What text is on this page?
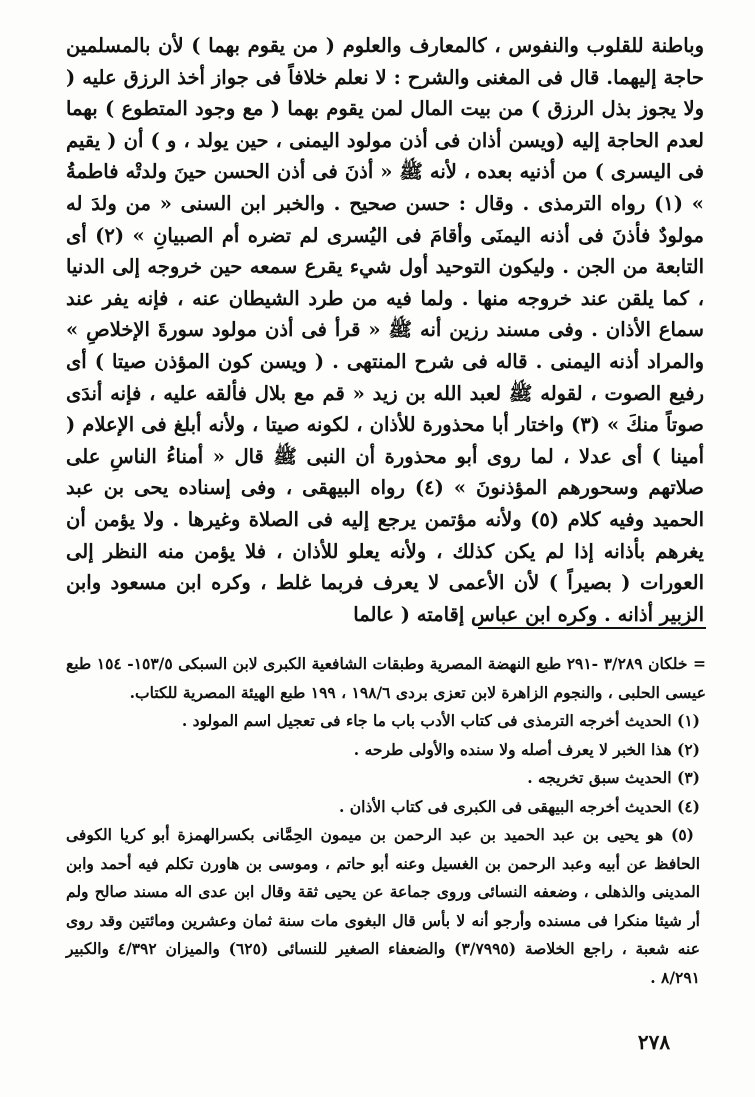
وباطنة للقلوب والنفوس ، كالمعارف والعلوم ( من يقوم بهما ) لأن بالمسلمين حاجة إليهما. قال فى المغنى والشرح : لا نعلم خلافاً فى جواز أخذ الرزق عليه ( ولا يجوز بذل الرزق ) من بيت المال لمن يقوم بهما ( مع وجود المتطوع ) بهما لعدم الحاجة إليه (ويسن أذان فى أذن مولود اليمنى ، حين يولد ، و ) أن ( يقيم فى اليسرى ) من أذنيه بعده ، لأنه ﷺ « أذنَ فى أذن الحسن حينَ ولدتْه فاطمةُ » (١) رواه الترمذى . وقال : حسن صحيح . والخبر ابن السنى « من ولدَ له مولودٌ فأذنَ فى أذنه اليمنَى وأقامَ فى اليُسرى لم تضره أم الصبيانِ » (٢) أى التابعة من الجن . وليكون التوحيد أول شيء يقرع سمعه حين خروجه إلى الدنيا ، كما يلقن عند خروجه منها . ولما فيه من طرد الشيطان عنه ، فإنه يفر عند سماع الأذان . وفى مسند رزين أنه ﷺ « قرأ فى أذن مولود سورةَ الإخلاصِ » والمراد أذنه اليمنى . قاله فى شرح المنتهى . ( ويسن كون المؤذن صيتا ) أى رفيع الصوت ، لقوله ﷺ لعبد الله بن زيد « قم مع بلال فألقه عليه ، فإنه أندَى صوتاً منكَ » (٣) واختار أبا محذورة للأذان ، لكونه صيتا ، ولأنه أبلغ فى الإعلام ( أمينا ) أى عدلا ، لما روى أبو محذورة أن النبى ﷺ قال « أمناءُ الناسِ على صلاتهم وسحورهم المؤذنونَ » (٤) رواه البيهقى ، وفى إسناده يحى بن عبد الحميد وفيه كلام (٥) ولأنه مؤتمن يرجع إليه فى الصلاة وغيرها . ولا يؤمن أن يغرهم بأذانه إذا لم يكن كذلك ، ولأنه يعلو للأذان ، فلا يؤمن منه النظر إلى العورات ( بصيراً ) لأن الأعمى لا يعرف فربما غلط ، وكره ابن مسعود وابن الزبير أذانه . وكره ابن عباس إقامته ( عالما

= خلكان ٣/٢٨٩ -٢٩١ طبع النهضة المصرية وطبقات الشافعية الكبرى لابن السبكى ١٥٣/٥- ١٥٤ طبع عيسى الحلبى ، والنجوم الزاهرة لابن تعزى بردى ١٩٨/٦ ، ١٩٩ طبع الهيئة المصرية للكتاب.

(١) الحديث أخرجه الترمذى فى كتاب الأدب باب ما جاء فى تعجيل اسم المولود .

(٢) هذا الخبر لا يعرف أصله ولا سنده والأولى طرحه .

(٣) الحديث سبق تخريجه .

(٤) الحديث أخرجه البيهقى فى الكبرى فى كتاب الأذان .

(٥) هو يحيى بن عبد الحميد بن عبد الرحمن بن ميمون الحِمَّانى بكسرالهمزة أبو كريا الكوفى الحافظ عن أبيه وعبد الرحمن بن الغسيل وعنه أبو حاتم ، وموسى بن هاورن تكلم فيه أحمد وابن المدينى والذهلى ، وضعفه النسائى وروى جماعة عن يحيى ثقة وقال ابن عدى اله مسند صالح ولم أر شيئا منكرا فى مسنده وأرجو أنه لا بأس قال البغوى مات سنة ثمان وعشرين ومائتين وقد روى عنه شعبة ، راجع الخلاصة (٣/٧٩٩٥) والضعفاء الصغير للنسائى (٦٢٥) والميزان ٤/٣٩٢ والكبير ٨/٢٩١ .

٢٧٨
